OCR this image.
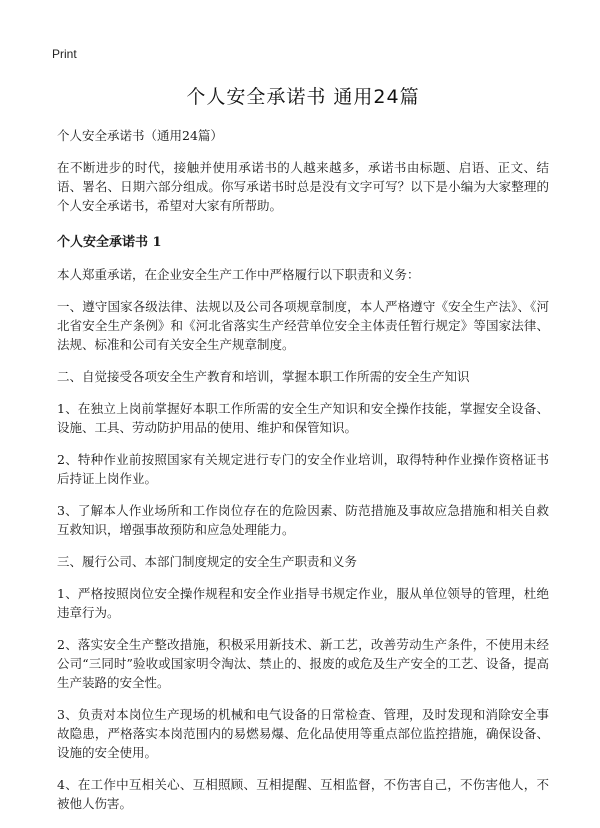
Print
个人安全承诺书 通用24篇
个人安全承诺书（通用24篇）

在不断进步的时代，接触并使用承诺书的人越来越多，承诺书由标题、启语、正文、结语、署名、日期六部分组成。你写承诺书时总是没有文字可写？以下是小编为大家整理的个人安全承诺书，希望对大家有所帮助。

个人安全承诺书 1

本人郑重承诺，在企业安全生产工作中严格履行以下职责和义务：

一、遵守国家各级法律、法规以及公司各项规章制度，本人严格遵守《安全生产法》、《河北省安全生产条例》和《河北省落实生产经营单位安全主体责任暂行规定》等国家法律、法规、标准和公司有关安全生产规章制度。

二、自觉接受各项安全生产教育和培训，掌握本职工作所需的安全生产知识

1、在独立上岗前掌握好本职工作所需的安全生产知识和安全操作技能，掌握安全设备、设施、工具、劳动防护用品的使用、维护和保管知识。

2、特种作业前按照国家有关规定进行专门的安全作业培训，取得特种作业操作资格证书后持证上岗作业。

3、了解本人作业场所和工作岗位存在的危险因素、防范措施及事故应急措施和相关自救互救知识，增强事故预防和应急处理能力。

三、履行公司、本部门制度规定的安全生产职责和义务

1、严格按照岗位安全操作规程和安全作业指导书规定作业，服从单位领导的管理，杜绝违章行为。

2、落实安全生产整改措施，积极采用新技术、新工艺，改善劳动生产条件，不使用未经公司“三同时”验收或国家明令淘汰、禁止的、报废的或危及生产安全的工艺、设备，提高生产装路的安全性。

3、负责对本岗位生产现场的机械和电气设备的日常检查、管理，及时发现和消除安全事故隐患，严格落实本岗范围内的易燃易爆、危化品使用等重点部位监控措施，确保设备、设施的安全使用。

4、在工作中互相关心、互相照顾、互相提醒、互相监督，不伤害自己，不伤害他人，不被他人伤害。
